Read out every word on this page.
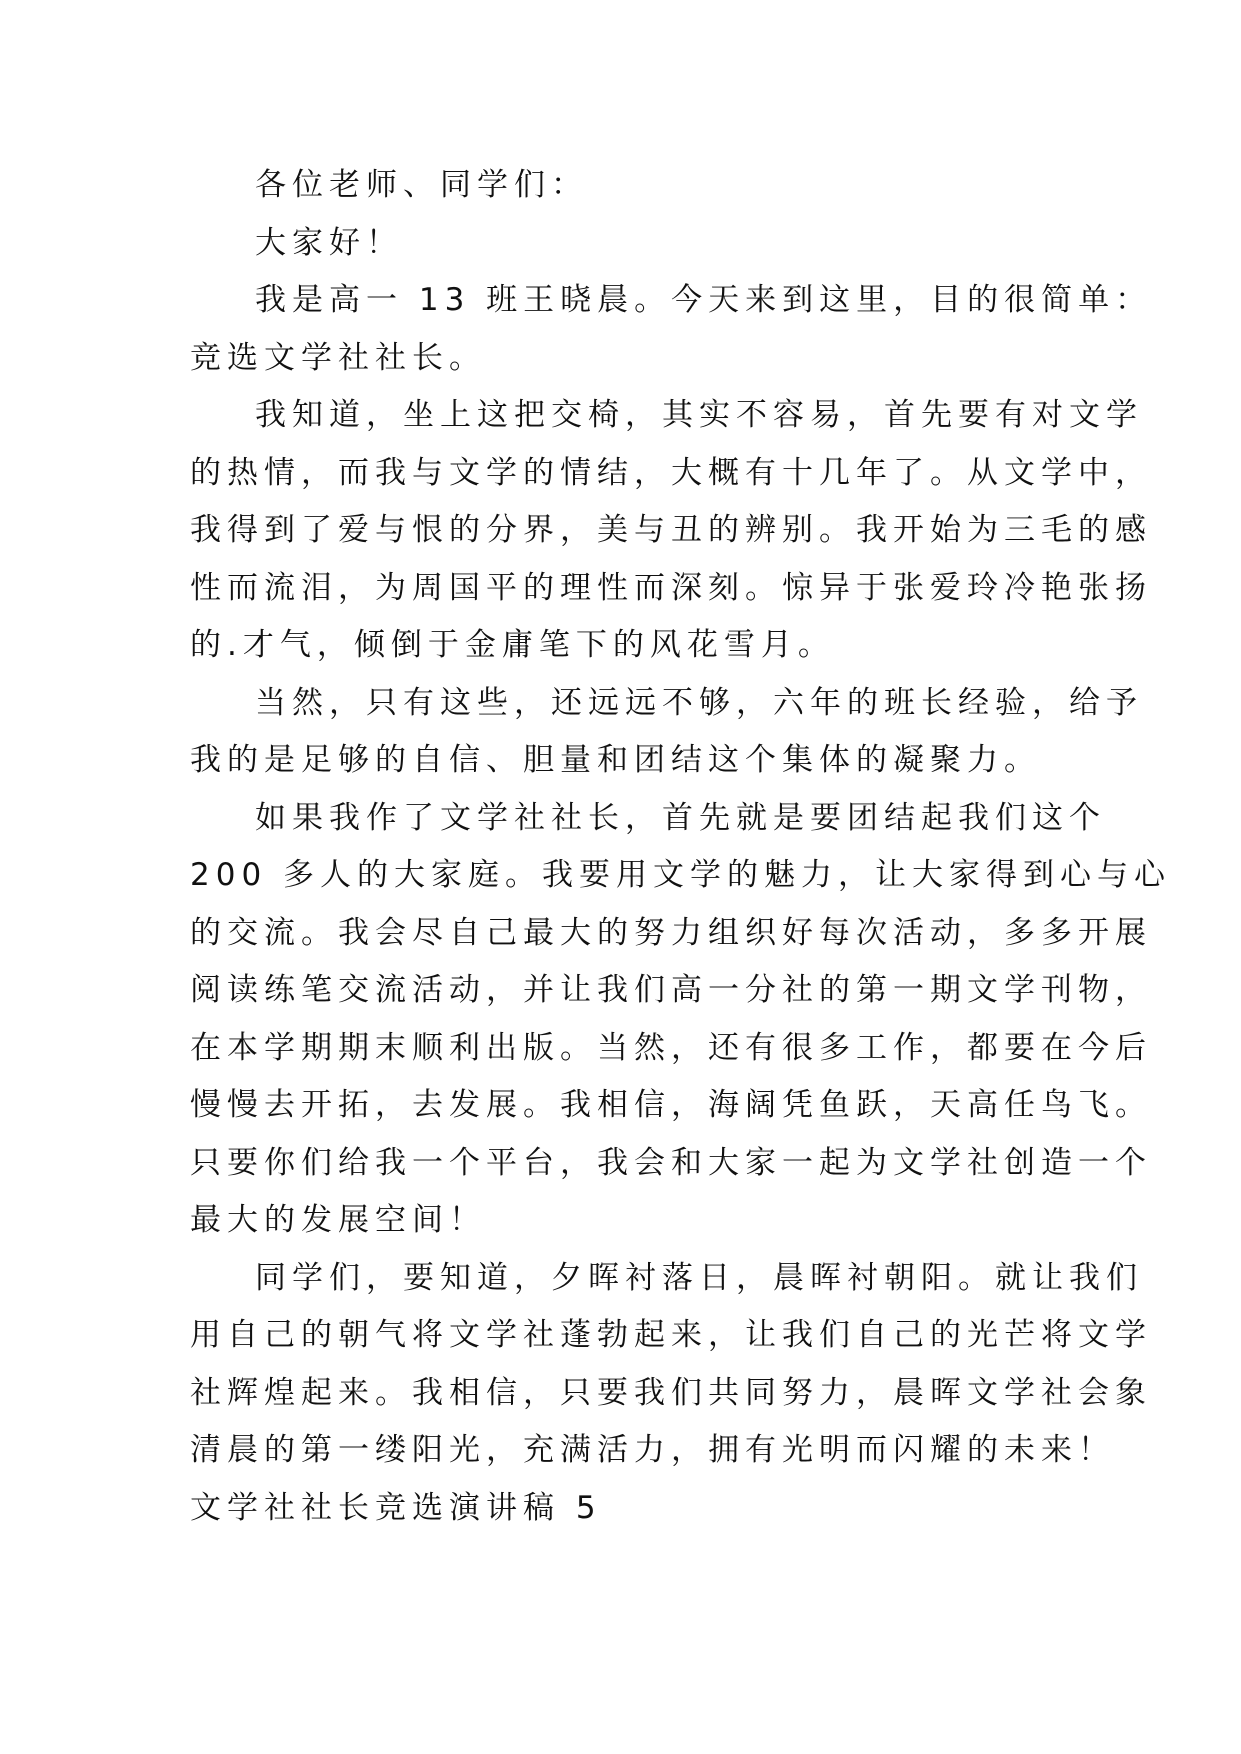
各位老师、同学们：
大家好！
我是高一 13 班王晓晨。今天来到这里，目的很简单：
竞选文学社社长。
我知道，坐上这把交椅，其实不容易，首先要有对文学
的热情，而我与文学的情结，大概有十几年了。从文学中，
我得到了爱与恨的分界，美与丑的辨别。我开始为三毛的感
性而流泪，为周国平的理性而深刻。惊异于张爱玲冷艳张扬
的.才气，倾倒于金庸笔下的风花雪月。
当然，只有这些，还远远不够，六年的班长经验，给予
我的是足够的自信、胆量和团结这个集体的凝聚力。
如果我作了文学社社长，首先就是要团结起我们这个
200 多人的大家庭。我要用文学的魅力，让大家得到心与心
的交流。我会尽自己最大的努力组织好每次活动，多多开展
阅读练笔交流活动，并让我们高一分社的第一期文学刊物，
在本学期期末顺利出版。当然，还有很多工作，都要在今后
慢慢去开拓，去发展。我相信，海阔凭鱼跃，天高任鸟飞。
只要你们给我一个平台，我会和大家一起为文学社创造一个
最大的发展空间！
同学们，要知道，夕晖衬落日，晨晖衬朝阳。就让我们
用自己的朝气将文学社蓬勃起来，让我们自己的光芒将文学
社辉煌起来。我相信，只要我们共同努力，晨晖文学社会象
清晨的第一缕阳光，充满活力，拥有光明而闪耀的未来！
文学社社长竞选演讲稿 5
